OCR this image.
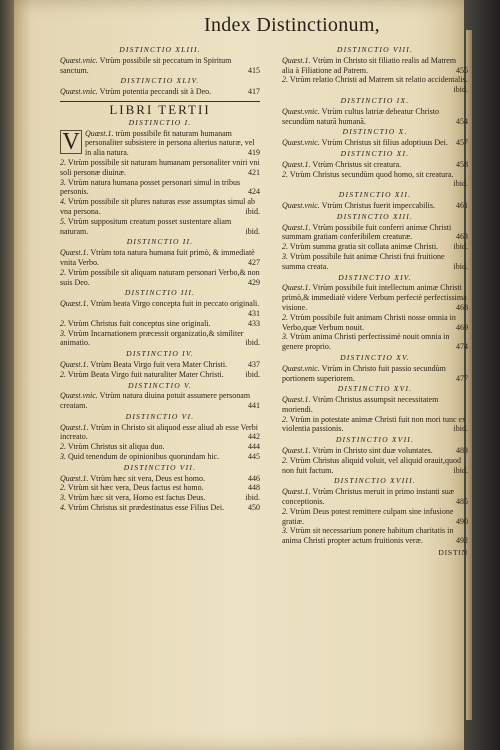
Index Distinctionum,
DISTINCTIO XLIII.
Quæst.vnic. Vtrùm possibile sit peccatum in Spiritum sanctum.	415
DISTINCTIO XLIV.
Quæst.vnic. Vtrùm potentia peccandi sit à Deo.	417
LIBRI TERTII
DISTINCTIO I.
Quæst.1.
V	trùm possibile fit naturam humanam personaliter subsistere in persona alterius naturæ, vel in alia natura.	419
2. Vtrùm possibile sit naturam humanam personaliter vniri vni soli personæ diuinæ.	421
3. Vtrùm natura humana posset personari simul in tribus personis.	424
4. Vtrùm possibile sit plures naturas esse assumptas simul ab vna persona.	ibid.
5. Vtrùm suppositum creatum posset sustentare aliam naturam.	ibid.
DISTINCTIO II.
Quæst.1. Vtrùm tota natura humana fuit primò, & immediatè vnita Verbo.	427
2. Vtrùm possibile sit aliquam naturam personari Verbo,& non suis Deo.	429
DISTINCTIO III.
Quæst.1. Vtrùm beata Virgo concepta fuit in peccato originali.
431
2. Vtrùm Christus fuit conceptus sine originali.	433
3. Vtrùm Incarnationem præcessit organizatio,& similiter animatio.	ibid.
DISTINCTIO IV.
Quæst.1. Vtrùm Beata Virgo fuit vera Mater Christi.	437
2. Vtrùm Beata Virgo fuit naturaliter Mater Christi.	ibid.
DISTINCTIO V.
Quæst.vnic. Vtrùm natura diuina potuit assumere personam creatam.	441
DISTINCTIO VI.
Quæst.1. Vtrùm in Christo sit aliquod esse aliud ab esse Verbi increato.	442
2. Vtrùm Christus sit aliqua duo.	444
3. Quid tenendum de opinionibus quorundam hic.	445
DISTINCTIO VII.
Quæst.1. Vtrùm hæc sit vera, Deus est homo.	446
2. Vtrùm sit hæc vera, Deus factus est homo.	448
3. Vtrùm hæc sit vera, Homo est factus Deus.	ibid.
4. Vtrùm Christus sit prædestinatus esse Filius Dei.	450
DISTINCTIO VIII.
Quæst.1. Vtrùm in Christo sit filiatio realis ad Matrem alia à Filiatione ad Patrem.	455
2. Vtrùm relatio Christi ad Matrem sit relatio accidentalis.
ibid.
DISTINCTIO IX.
Quæst.vnic. Vtrùm cultus latriæ debeatur Christo secundùm naturā humanā.	454
DISTINCTIO X.
Quæst.vnic. Vtrùm Christus sit filius adoptiuus Dei. 457
DISTINCTIO XI.
Quæst.1. Vtrùm Christus sit creatura.	458
2. Vtrùm Christus secundùm quod homo, sit creatura.
ibid.
DISTINCTIO XII.
Quæst.vnic. Vtrùm Christus fuerit impeccabilis.	461
DISTINCTIO XIII.
Quæst.1. Vtrùm possibile fuit conferri animæ Christi summam gratiam conferibilem creaturæ.	463
2. Vtrùm summa gratia sit collata animæ Christi. ibid.
3. Vtrùm possibile fuit animæ Christi frui fruitione summa creata.	ibid.
DISTINCTIO XIV.
Quæst.1. Vtrùm possibile fuit intellectum animæ Christi primò,& immediatè videre Verbum perfectè perfectissima visione.	468
2. Vtrùm possibile fuit animam Christi nosse omnia in Verbo,quæ Verbum nouit.	469
3. Vtrùm anima Christi perfectissimè nouit omnia in genere proprio.	474
DISTINCTIO XV.
Quæst.vnic. Vtrùm in Christo fuit passio secundùm portionem superiorem.	477
DISTINCTIO XVI.
Quæst.1. Vtrùm Christus assumpsit necessitatem moriendi.
2. Vtrùm in potestate animæ Christi fuit non mori tunc ex violentia passionis.	ibid.
DISTINCTIO XVII.
Quæst.1. Vtrùm in Christo sint duæ voluntates.	483
2. Vtrùm Christus aliquid voluit, vel aliquid orauit,quod non fuit factum.	ibid.
DISTINCTIO XVIII.
Quæst.1. Vtrùm Christus meruit in primo instanti suæ conceptionis.	485
2. Vtrùm Deus potest remittere culpam sine infusione gratiæ.	490
3. Vtrùm sit necessarium ponere habitum charitatis in anima Christi propter actum fruitionis veræ.	492
DISTIN
